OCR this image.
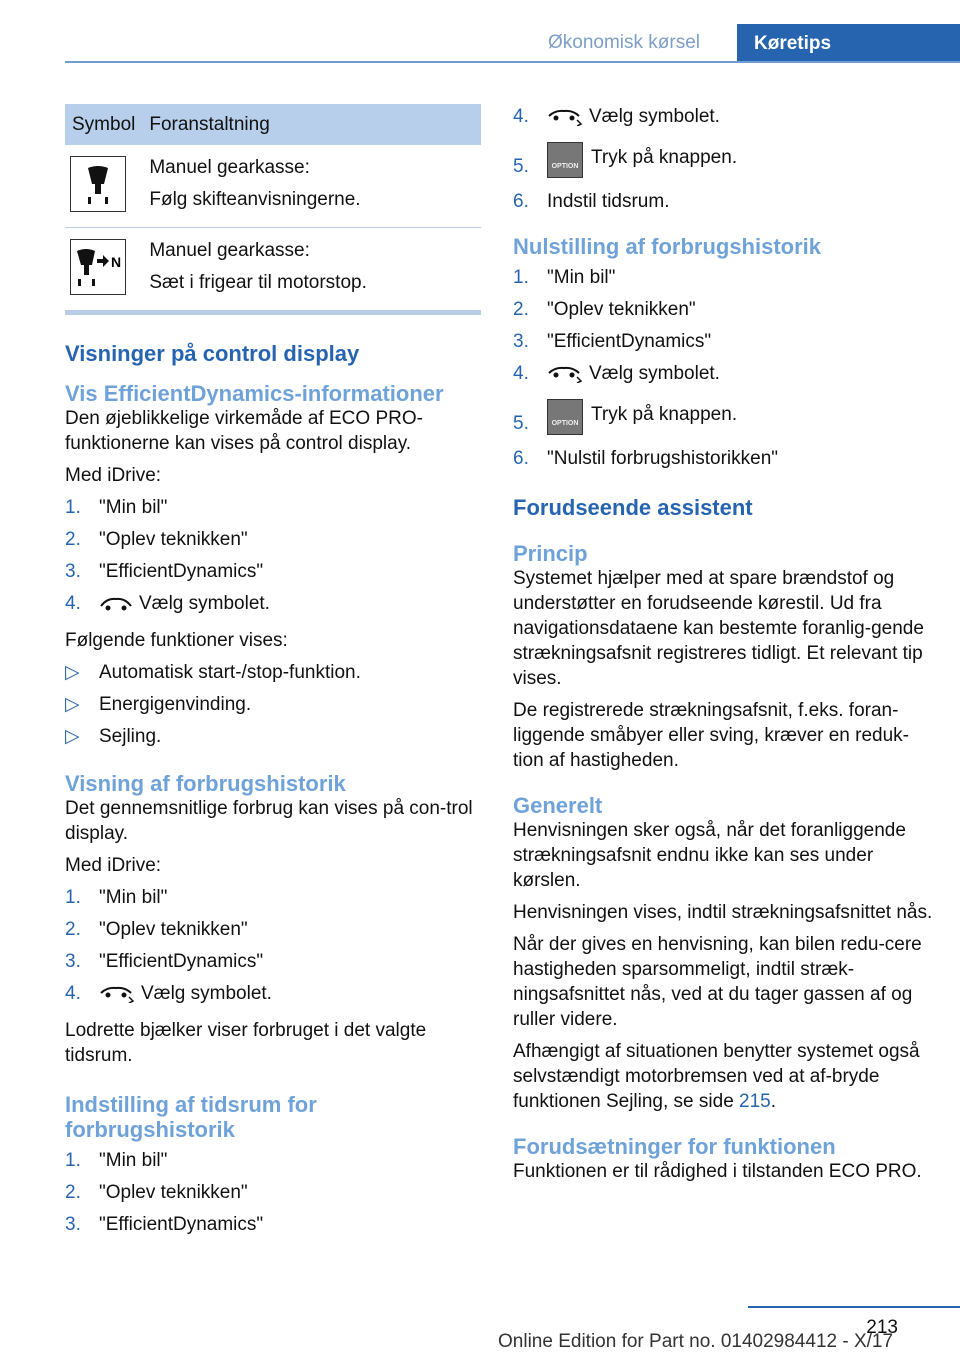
Økonomisk kørsel	Køretips
Symbol	Foranstaltning

Manuel gearkasse:
Følg skifteanvisningerne.

N	Manuel gearkasse:
Sæt i frigear til motorstop.
Visninger på control display
Vis EfficientDynamics-informationer

Den øjeblikkelige virkemåde af ECO PRO-funktionerne kan vises på control display.

Med iDrive:

1. "Min bil"
2. "Oplev teknikken"
3. "EfficientDynamics"
4.	Vælg symbolet.

Følgende funktioner vises:

▷ Automatisk start-/stop-funktion.
▷ Energigenvinding.
▷ Sejling.
Visning af forbrugshistorik

Det gennemsnitlige forbrug kan vises på con-trol display.

Med iDrive:

1. "Min bil"
2. "Oplev teknikken"
3. "EfficientDynamics"
4.	Vælg symbolet.

Lodrette bjælker viser forbruget i det valgte tidsrum.

Indstilling af tidsrum for forbrugshistorik
1. "Min bil"
2. "Oplev teknikken"
3. "EfficientDynamics"
4.	Vælg symbolet.
5.	OPTION Tryk på knappen.
6. Indstil tidsrum.
Nulstilling af forbrugshistorik
1. "Min bil"
2. "Oplev teknikken"
3. "EfficientDynamics"
4.	Vælg symbolet.
5.	OPTION Tryk på knappen.
6. "Nulstil forbrugshistorikken"
Forudseende assistent
Princip

Systemet hjælper med at spare brændstof og understøtter en forudseende kørestil. Ud fra navigationsdataene kan bestemte foranlig-gende strækningsafsnit registreres tidligt. Et relevant tip vises.

De registrerede strækningsafsnit, f.eks. foran-liggende småbyer eller sving, kræver en reduk-tion af hastigheden.

Generelt

Henvisningen sker også, når det foranliggende strækningsafsnit endnu ikke kan ses under kørslen.

Henvisningen vises, indtil strækningsafsnittet nås.

Når der gives en henvisning, kan bilen redu-cere hastigheden sparsommeligt, indtil stræk-ningsafsnittet nås, ved at du tager gassen af og ruller videre.

Afhængigt af situationen benytter systemet også selvstændigt motorbremsen ved at af-bryde funktionen Sejling, se side 215.

Forudsætninger for funktionen

Funktionen er til rådighed i tilstanden ECO PRO.

213
Online Edition for Part no. 01402984412 - X/17
